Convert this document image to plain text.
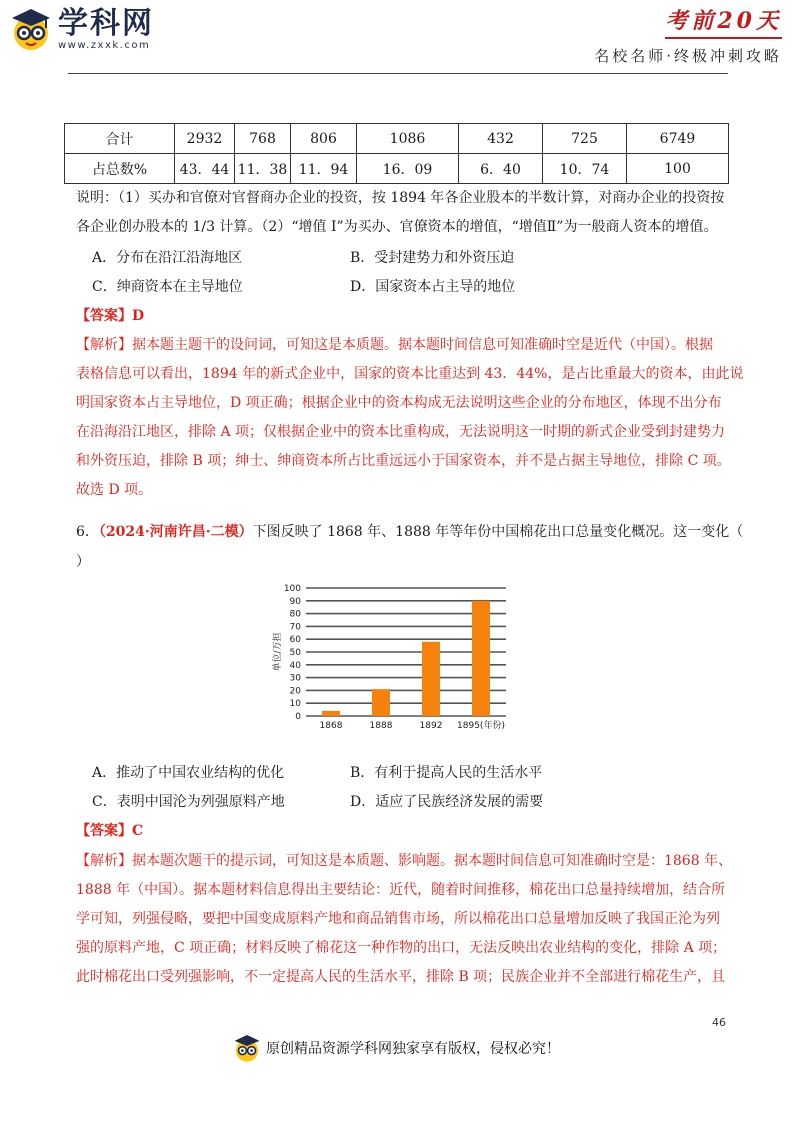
学科网
www.zxxk.com
考前20天
名校名师·终极冲刺攻略
合计	2932	768	806	1086	432	725	6749
占总数%	43．44	11．38	11．94	16．09	6．40	10．74	100
说明：（1）买办和官僚对官督商办企业的投资，按 1894 年各企业股本的半数计算，对商办企业的投资按
各企业创办股本的 1/3 计算。（2）“增值 I”为买办、官僚资本的增值，“增值Ⅱ”为一般商人资本的增值。
A．分布在沿江沿海地区	B．受封建势力和外资压迫
C．绅商资本在主导地位	D．国家资本占主导的地位
【答案】D
【解析】据本题主题干的设问词，可知这是本质题。据本题时间信息可知准确时空是近代（中国）。根据
表格信息可以看出，1894 年的新式企业中，国家的资本比重达到 43．44%，是占比重最大的资本，由此说
明国家资本占主导地位，D 项正确；根据企业中的资本构成无法说明这些企业的分布地区，体现不出分布
在沿海沿江地区，排除 A 项；仅根据企业中的资本比重构成，无法说明这一时期的新式企业受到封建势力
和外资压迫，排除 B 项；绅士、绅商资本所占比重远远小于国家资本，并不是占据主导地位，排除 C 项。
故选 D 项。
6．（2024·河南许昌·二模）下图反映了 1868 年、1888 年等年份中国棉花出口总量变化概况。这一变化（
）
0
10
20
30
40
50
60
70
80
90
100
单位/万担
1868	1888	1892 1895(年份)
A．推动了中国农业结构的优化	B．有利于提高人民的生活水平
C．表明中国沦为列强原料产地	D．适应了民族经济发展的需要
【答案】C
【解析】据本题次题干的提示词，可知这是本质题、影响题。据本题时间信息可知准确时空是：1868 年、
1888 年（中国）。据本题材料信息得出主要结论：近代，随着时间推移，棉花出口总量持续增加，结合所
学可知，列强侵略，要把中国变成原料产地和商品销售市场，所以棉花出口总量增加反映了我国正沦为列
强的原料产地，C 项正确；材料反映了棉花这一种作物的出口，无法反映出农业结构的变化，排除 A 项；
此时棉花出口受列强影响，不一定提高人民的生活水平，排除 B 项；民族企业并不全部进行棉花生产，且
46
原创精品资源学科网独家享有版权，侵权必究！
